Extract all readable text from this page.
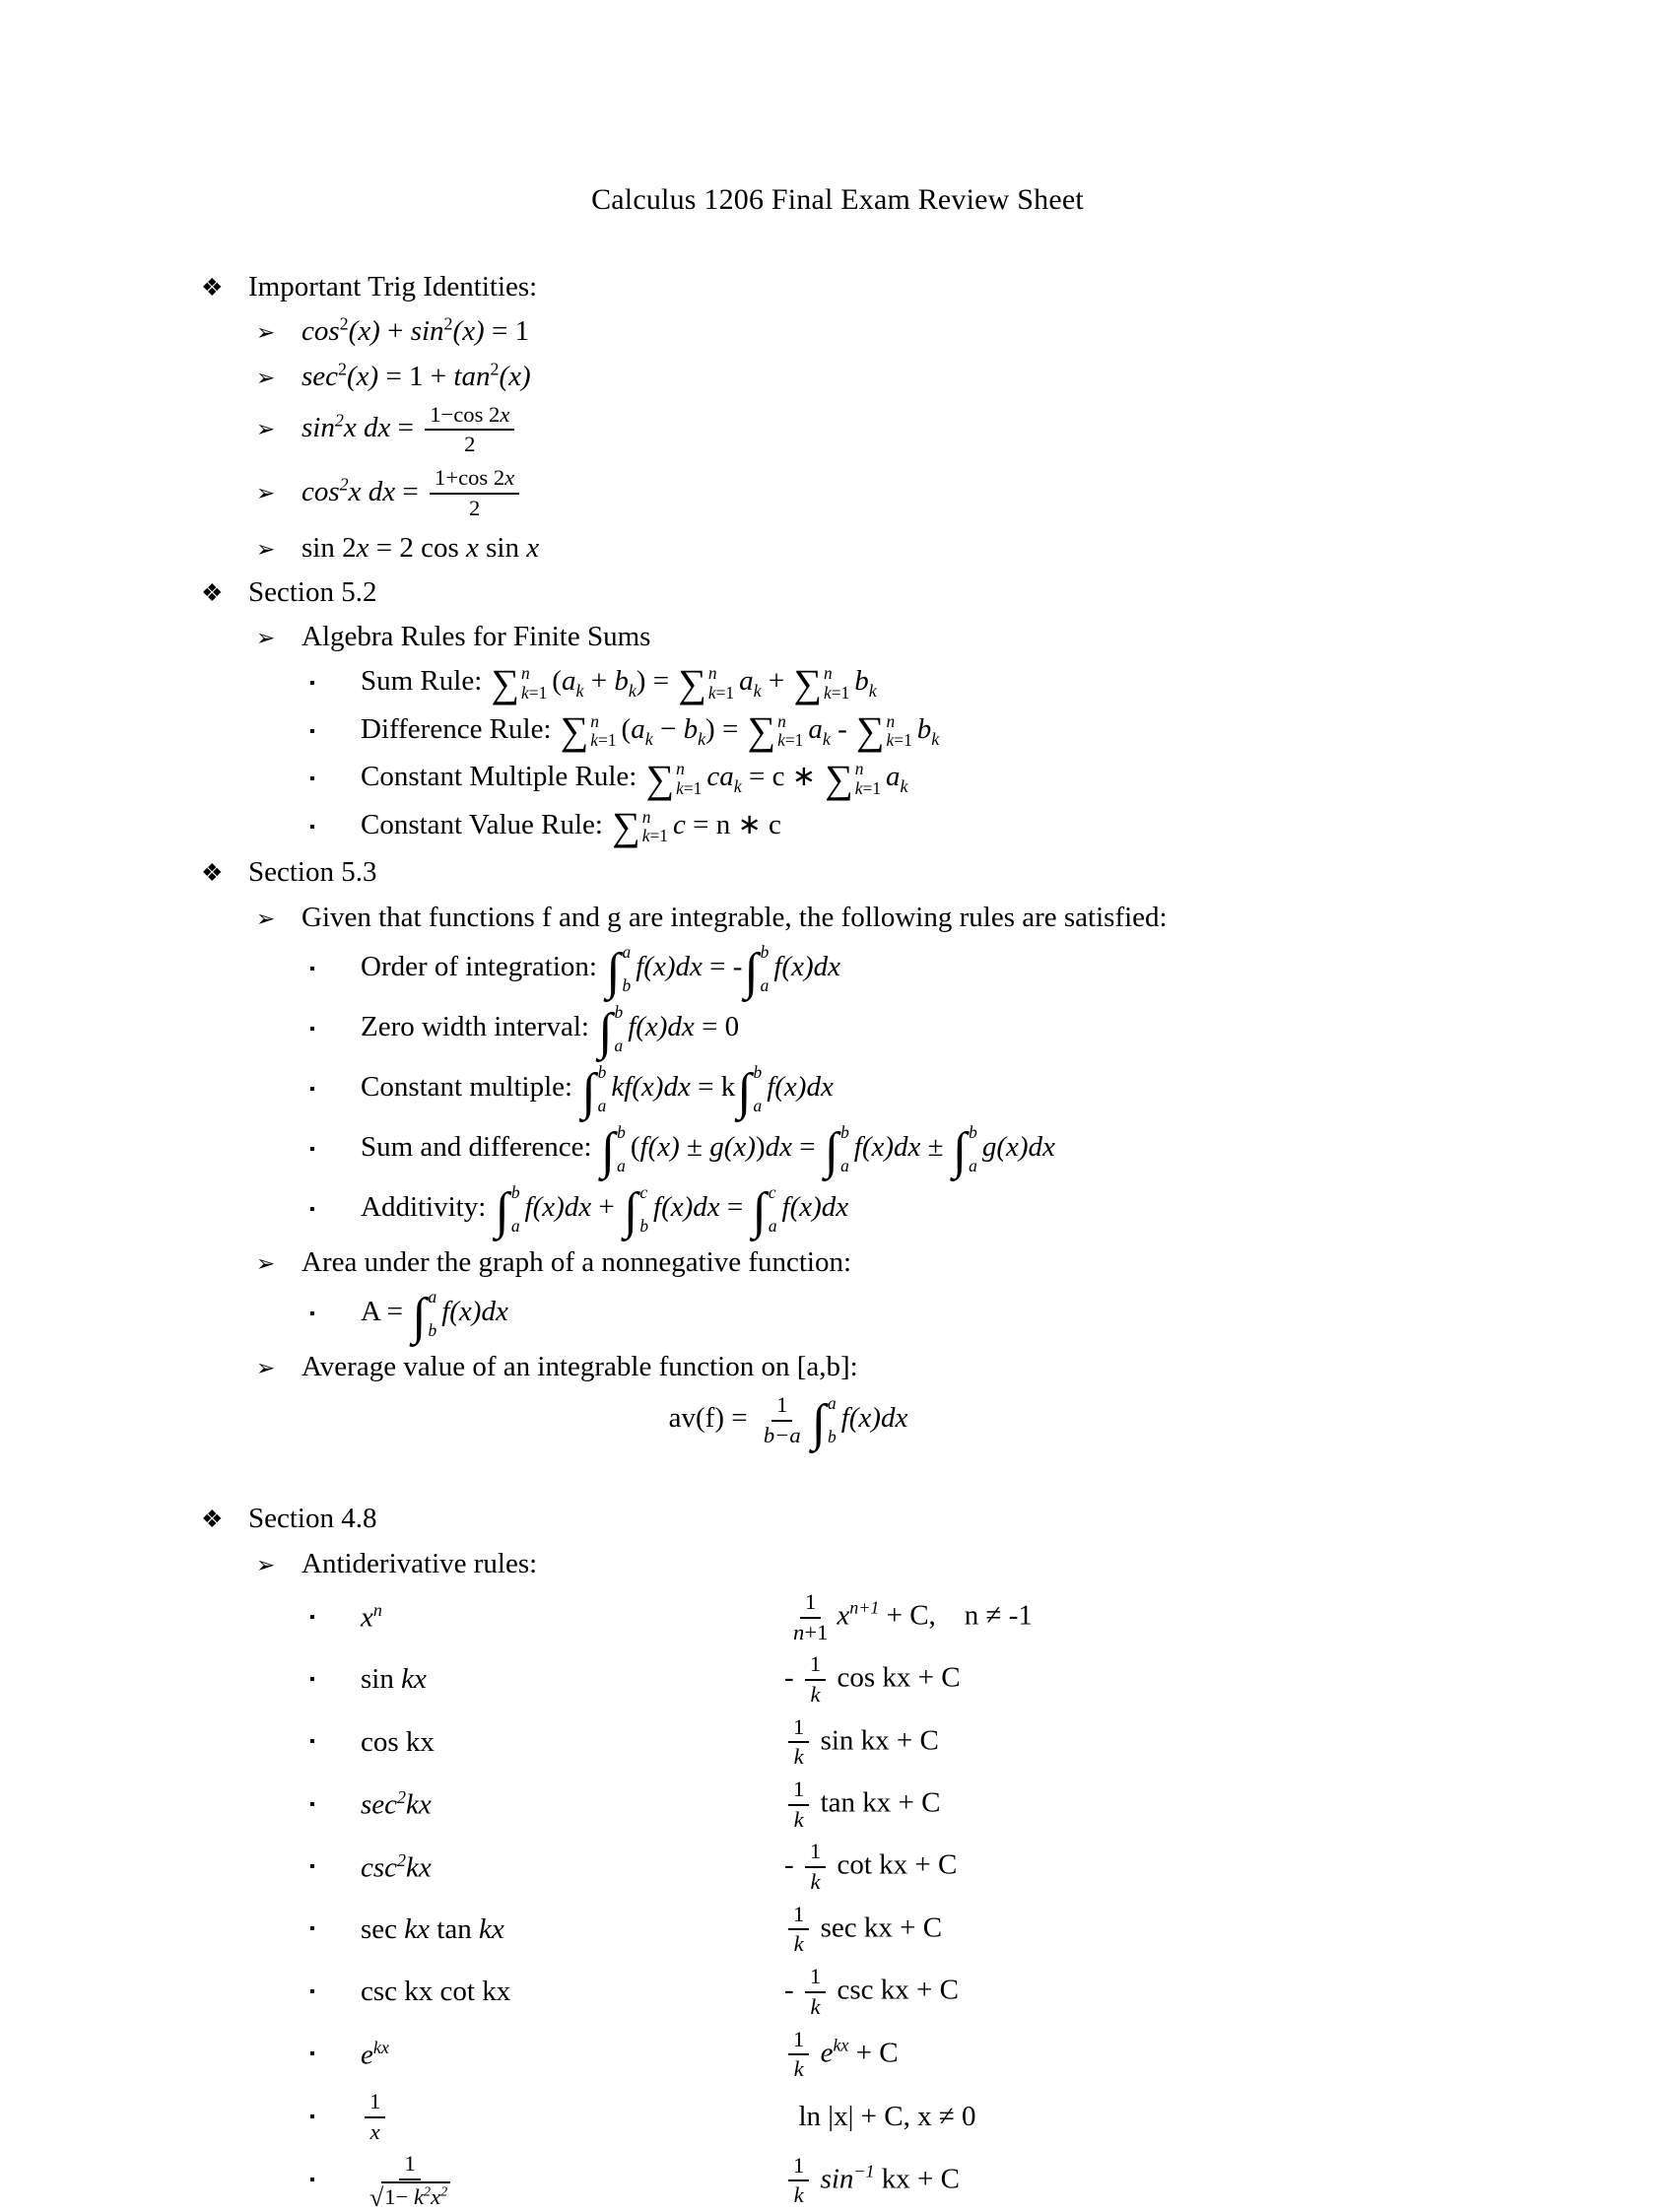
Calculus 1206 Final Exam Review Sheet
❖ Important Trig Identities:
➢ $\cos^2(x) + \sin^2(x) = 1$
➢ $\sec^2(x) = 1 + \tan^2(x)$
➢ $\sin^2x$ dx = $\frac{1-\cos 2x}{2}$
➢ $\cos^2x$ dx = $\frac{1+\cos 2x}{2}$
➢ sin 2x = 2 cos x sin x
❖ Section 5.2
➢ Algebra Rules for Finite Sums
▪ Sum Rule: ∑ n
k=1 $(a_k + b_k)$ = ∑ n
k=1 $a_k$ + ∑ n
k=1 $b_k$
▪ Difference Rule: ∑ n
k=1 $(a_k - b_k)$ = ∑ n
k=1 $a_k$ - ∑ n
k=1 $b_k$
▪ Constant Multiple Rule: ∑ n
k=1 $ca_k = c$ ∗ ∑ n
k=1 $a_k$
▪ Constant Value Rule: ∑ n
k=1 c = n ∗ c
❖ Section 5.3
➢ Given that functions f and g are integrable, the following rules are satisfied:
▪ Order of integration: ∫ a
b
f(x)dx = - ∫ b
a
f(x)dx
▪ Zero width interval: ∫ b
a
f(x)dx = 0
▪ Constant multiple: ∫ b
a
kf(x)dx = k ∫ b
a
f(x)dx
▪ Sum and difference: ∫ b
a
(f(x) ± g(x))dx = ∫ b
a
f(x)dx ± ∫ b
a
g(x)dx
▪ Additivity: ∫ b
a
f(x)dx + ∫ c
b
f(x)dx = ∫ c
a
f(x)dx
➢ Area under the graph of a nonnegative function:
▪ A = ∫ a
b
f(x)dx
➢ Average value of an integrable function on [a,b]:
$av(f) = \frac{1}{b-a}$ ∫ a
b
f(x)dx
❖ Section 4.8
➢ Antiderivative rules:
▪	$x^n$	$\frac{1}{n+1} x^{n+1} + C$,    n ≠ -1
▪	sin kx	- $\frac{1}{k}$ cos kx + C
▪	cos kx	$\frac{1}{k}$ sin kx + C
▪	$\sec^2kx$	$\frac{1}{k}$ tan kx + C
▪	$\csc^2kx$	- $\frac{1}{k}$ cot kx + C
▪	sec kx tan kx	$\frac{1}{k}$ sec kx + C
▪	csc kx cot kx	- $\frac{1}{k}$ csc kx + C
▪	$e^{kx}$	$\frac{1}{k} e^{kx} + C$
▪	$\frac{1}{x}$	ln |x| + C, x ≠ 0
▪	$\frac{1}{√ 1- k^2x^2}$	$\frac{1}{k} \sin^{-1}$ kx + C
